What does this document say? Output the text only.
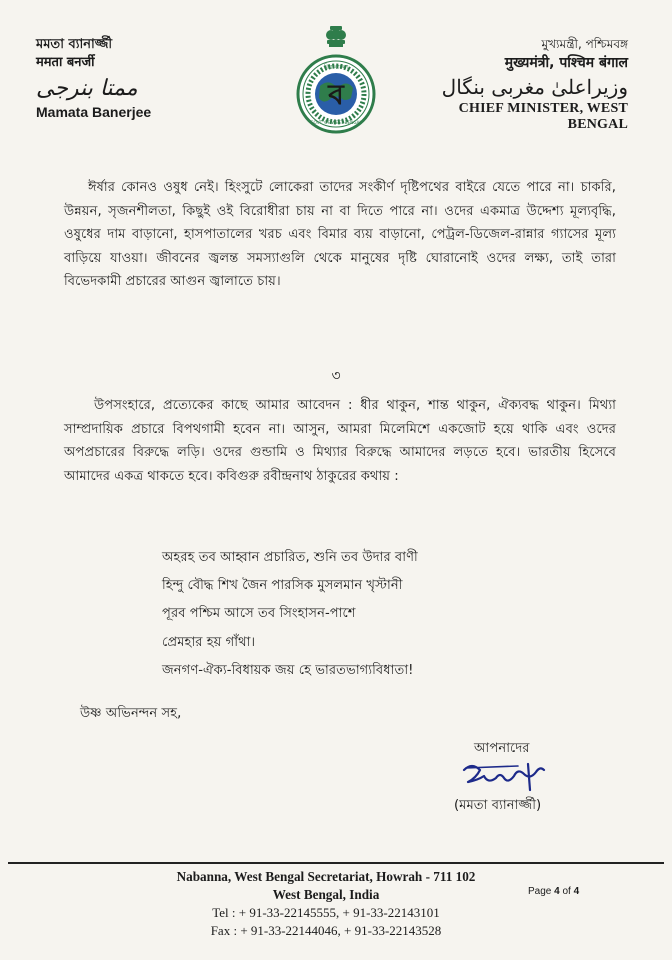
মমতা ব্যানার্জ্জী
ममता बनर्जी
ممتا بنرجی
Mamata Banerjee
ব
বিশ্ব বাংলা
GOVT. OF WEST BENGAL
মুখ্যমন্ত্রী, পশ্চিমবঙ্গ
मुख्यमंत्री, पश्चिम बंगाल
وزیراعلیٰ مغربی بنگال
CHIEF MINISTER, WEST BENGAL
ঈর্ষার কোনও ওষুধ নেই। হিংসুটে লোকেরা তাদের সংকীর্ণ দৃষ্টিপথের বাইরে যেতে পারে না। চাকরি, উন্নয়ন, সৃজনশীলতা, কিছুই ওই বিরোধীরা চায় না বা দিতে পারে না। ওদের একমাত্র উদ্দেশ্য মূল্যবৃদ্ধি, ওষুধের দাম বাড়ানো, হাসপাতালের খরচ এবং বিমার ব্যয় বাড়ানো, পেট্রল-ডিজেল-রান্নার গ্যাসের মূল্য বাড়িয়ে যাওয়া। জীবনের জ্বলন্ত সমস্যাগুলি থেকে মানুষের দৃষ্টি ঘোরানোই ওদের লক্ষ্য, তাই তারা বিভেদকামী প্রচারের আগুন জ্বালাতে চায়।
৩
উপসংহারে, প্রত্যেকের কাছে আমার আবেদন : ধীর থাকুন, শান্ত থাকুন, ঐক্যবদ্ধ থাকুন। মিথ্যা সাম্প্রদায়িক প্রচারে বিপথগামী হবেন না। আসুন, আমরা মিলেমিশে একজোট হয়ে থাকি এবং ওদের অপপ্রচারের বিরুদ্ধে লড়ি। ওদের গুন্ডামি ও মিথ্যার বিরুদ্ধে আমাদের লড়তে হবে। ভারতীয় হিসেবে আমাদের একত্র থাকতে হবে। কবিগুরু রবীন্দ্রনাথ ঠাকুরের কথায় :
অহরহ তব আহ্বান প্রচারিত, শুনি তব উদার বাণী
হিন্দু বৌদ্ধ শিখ জৈন পারসিক মুসলমান খৃস্টানী
পূরব পশ্চিম আসে তব সিংহাসন-পাশে
প্রেমহার হয় গাঁথা।
জনগণ-ঐক্য-বিধায়ক জয় হে ভারতভাগ্যবিধাতা!
উষ্ণ অভিনন্দন সহ,
আপনাদের
(মমতা ব্যানার্জ্জী)
Nabanna, West Bengal Secretariat, Howrah - 711 102
West Bengal, India
Tel : + 91-33-22145555, + 91-33-22143101
Fax : + 91-33-22144046, + 91-33-22143528
Page 4 of 4
